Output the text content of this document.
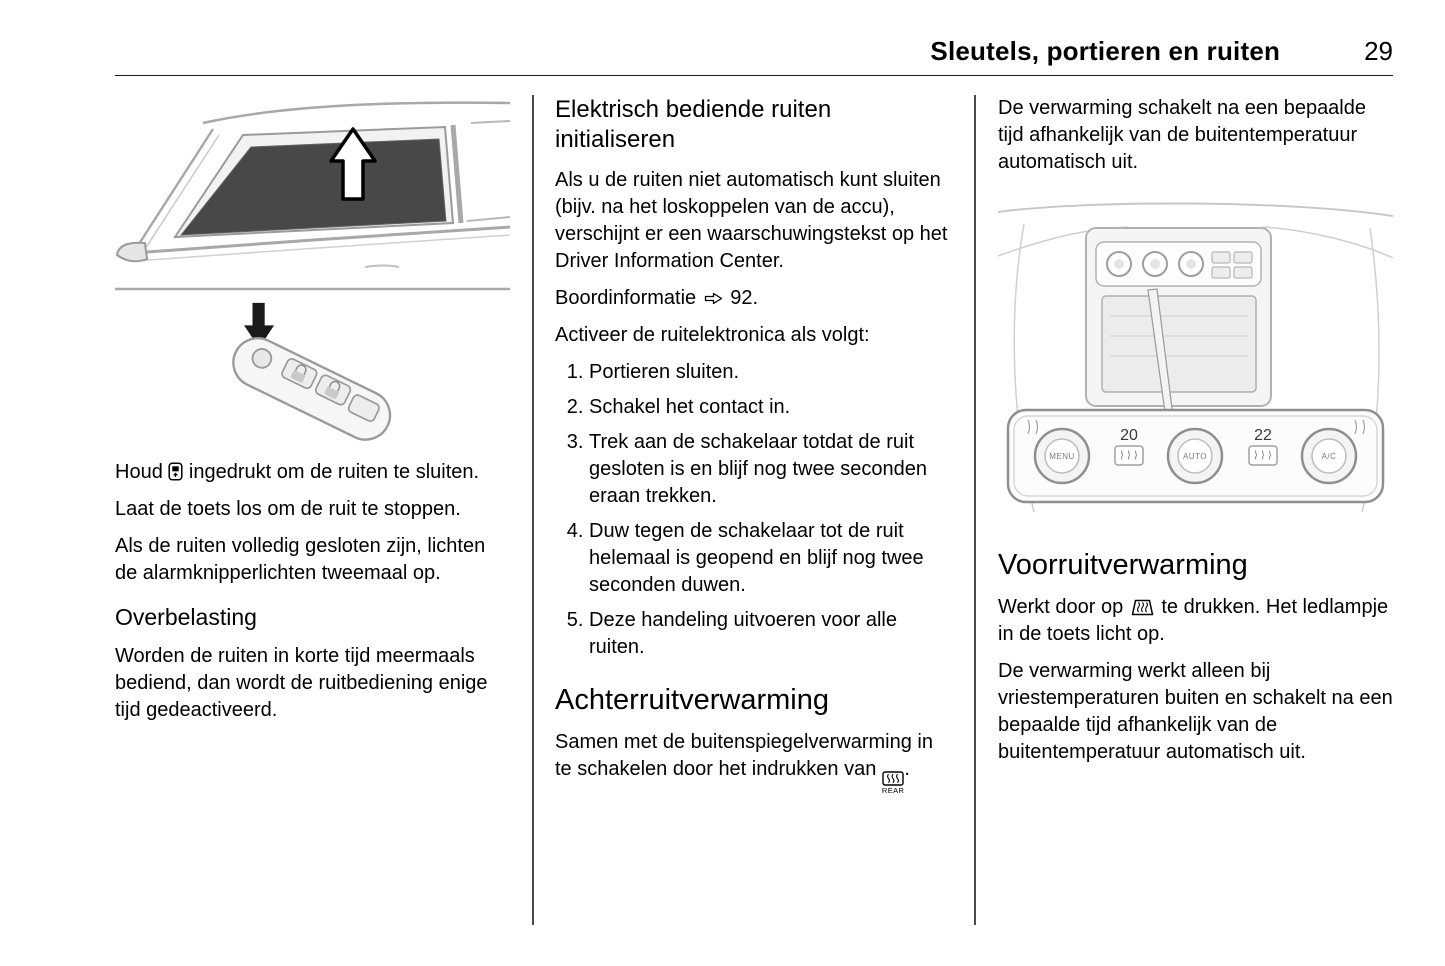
Sleutels, portieren en ruiten	29

Houd  ingedrukt om de ruiten te sluiten.

Laat de toets los om de ruit te stoppen.

Als de ruiten volledig gesloten zijn, lichten de alarmknipperlichten tweemaal op.

Overbelasting

Worden de ruiten in korte tijd meermaals bediend, dan wordt de ruitbediening enige tijd gedeactiveerd.

Elektrisch bediende ruiten initialiseren

Als u de ruiten niet automatisch kunt sluiten (bijv. na het loskoppelen van de accu), verschijnt er een waarschuwingstekst op het Driver Information Center.

Boordinformatie  92.

Activeer de ruitelektronica als volgt:

1. Portieren sluiten.
2. Schakel het contact in.
3. Trek aan de schakelaar totdat de ruit gesloten is en blijf nog twee seconden eraan trekken.
4. Duw tegen de schakelaar tot de ruit helemaal is geopend en blijf nog twee seconden duwen.
5. Deze handeling uitvoeren voor alle ruiten.
Achterruitverwarming

Samen met de buitenspiegelverwarming in te schakelen door het indrukken van
REAR
.

De verwarming schakelt na een bepaalde tijd afhankelijk van de buitentemperatuur automatisch uit.

MENU	AUTO	A/C
20	22
Voorruitverwarming

Werkt door op  te drukken. Het ledlampje in de toets licht op.

De verwarming werkt alleen bij vriestemperaturen buiten en schakelt na een bepaalde tijd afhankelijk van de buitentemperatuur automatisch uit.
